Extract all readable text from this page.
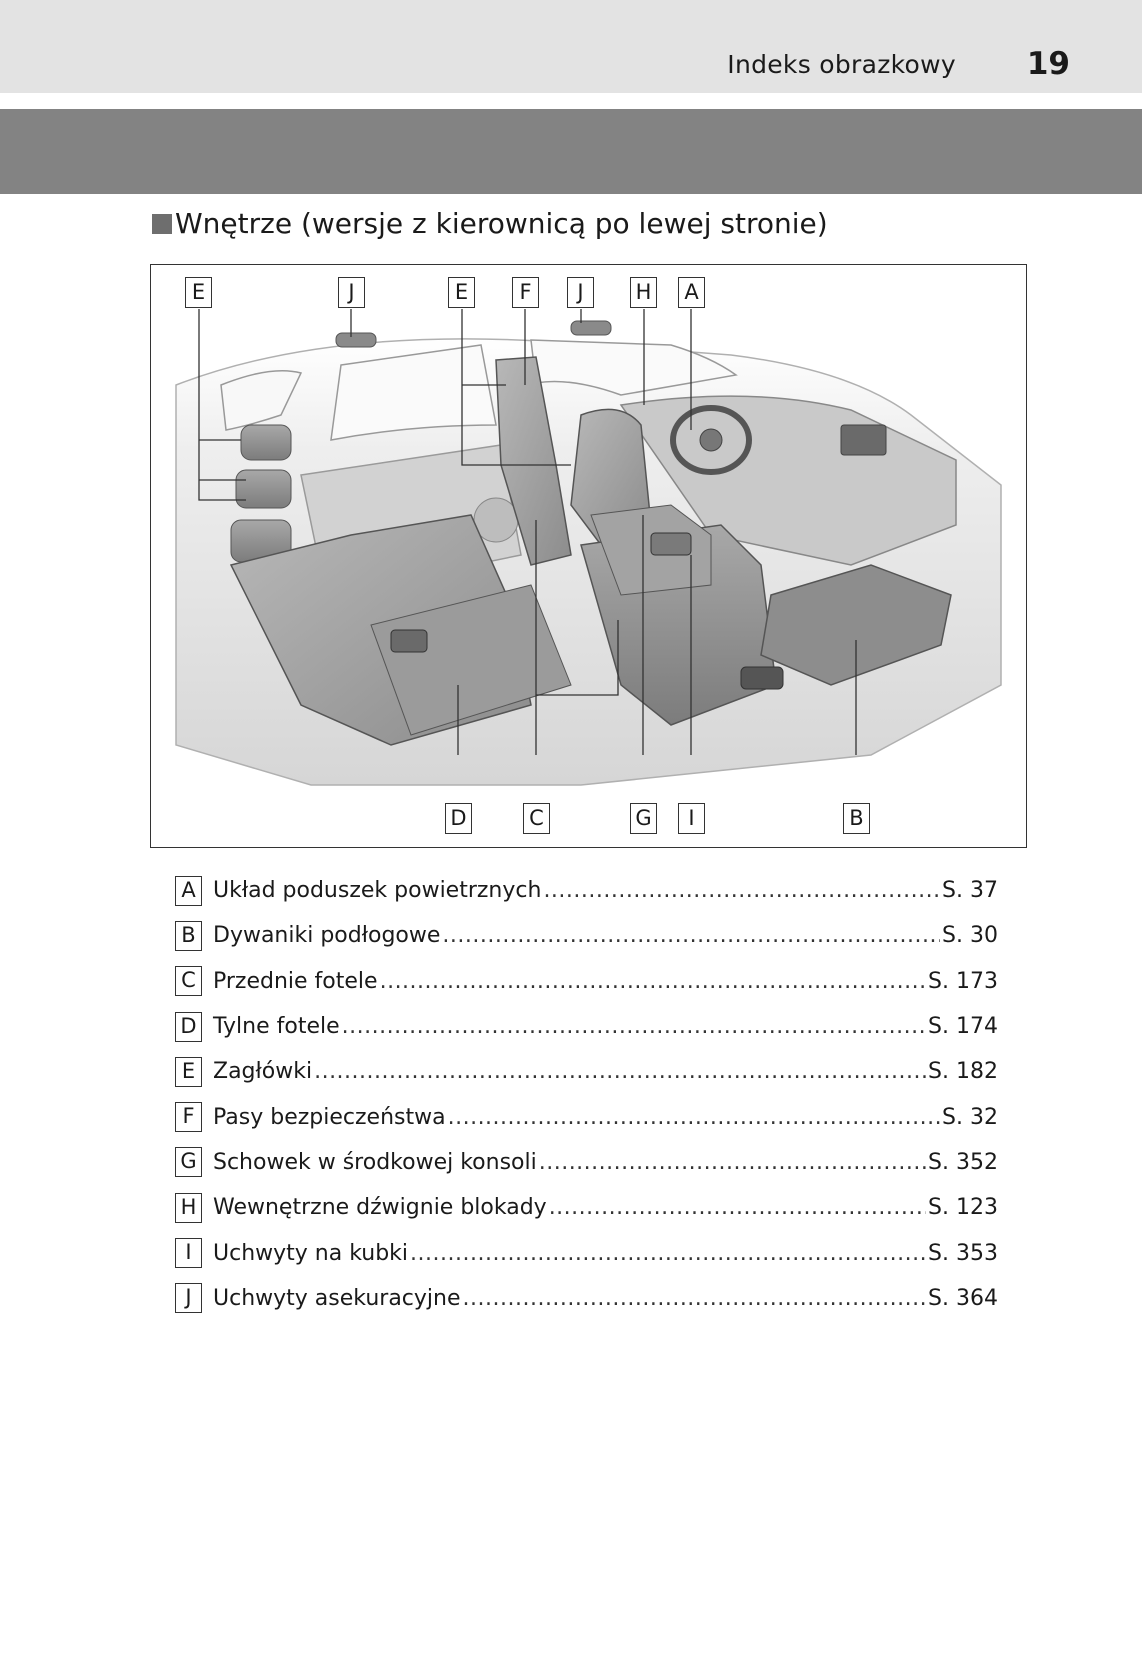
Indeks obrazkowy 19
Wnętrze (wersje z kierownicą po lewej stronie)
E	J	E	F	J	H	A
D	C	G	I	B
A Układ poduszek powietrznych .....	S. 37
B Dywaniki podłogowe .....	S. 30
C Przednie fotele .....	S. 173
D Tylne fotele .....	S. 174
E Zagłówki .....	S. 182
F Pasy bezpieczeństwa .....	S. 32
G Schowek w środkowej konsoli .....	S. 352
H Wewnętrzne dźwignie blokady .....	S. 123
I Uchwyty na kubki .....	S. 353
J Uchwyty asekuracyjne .....	S. 364
